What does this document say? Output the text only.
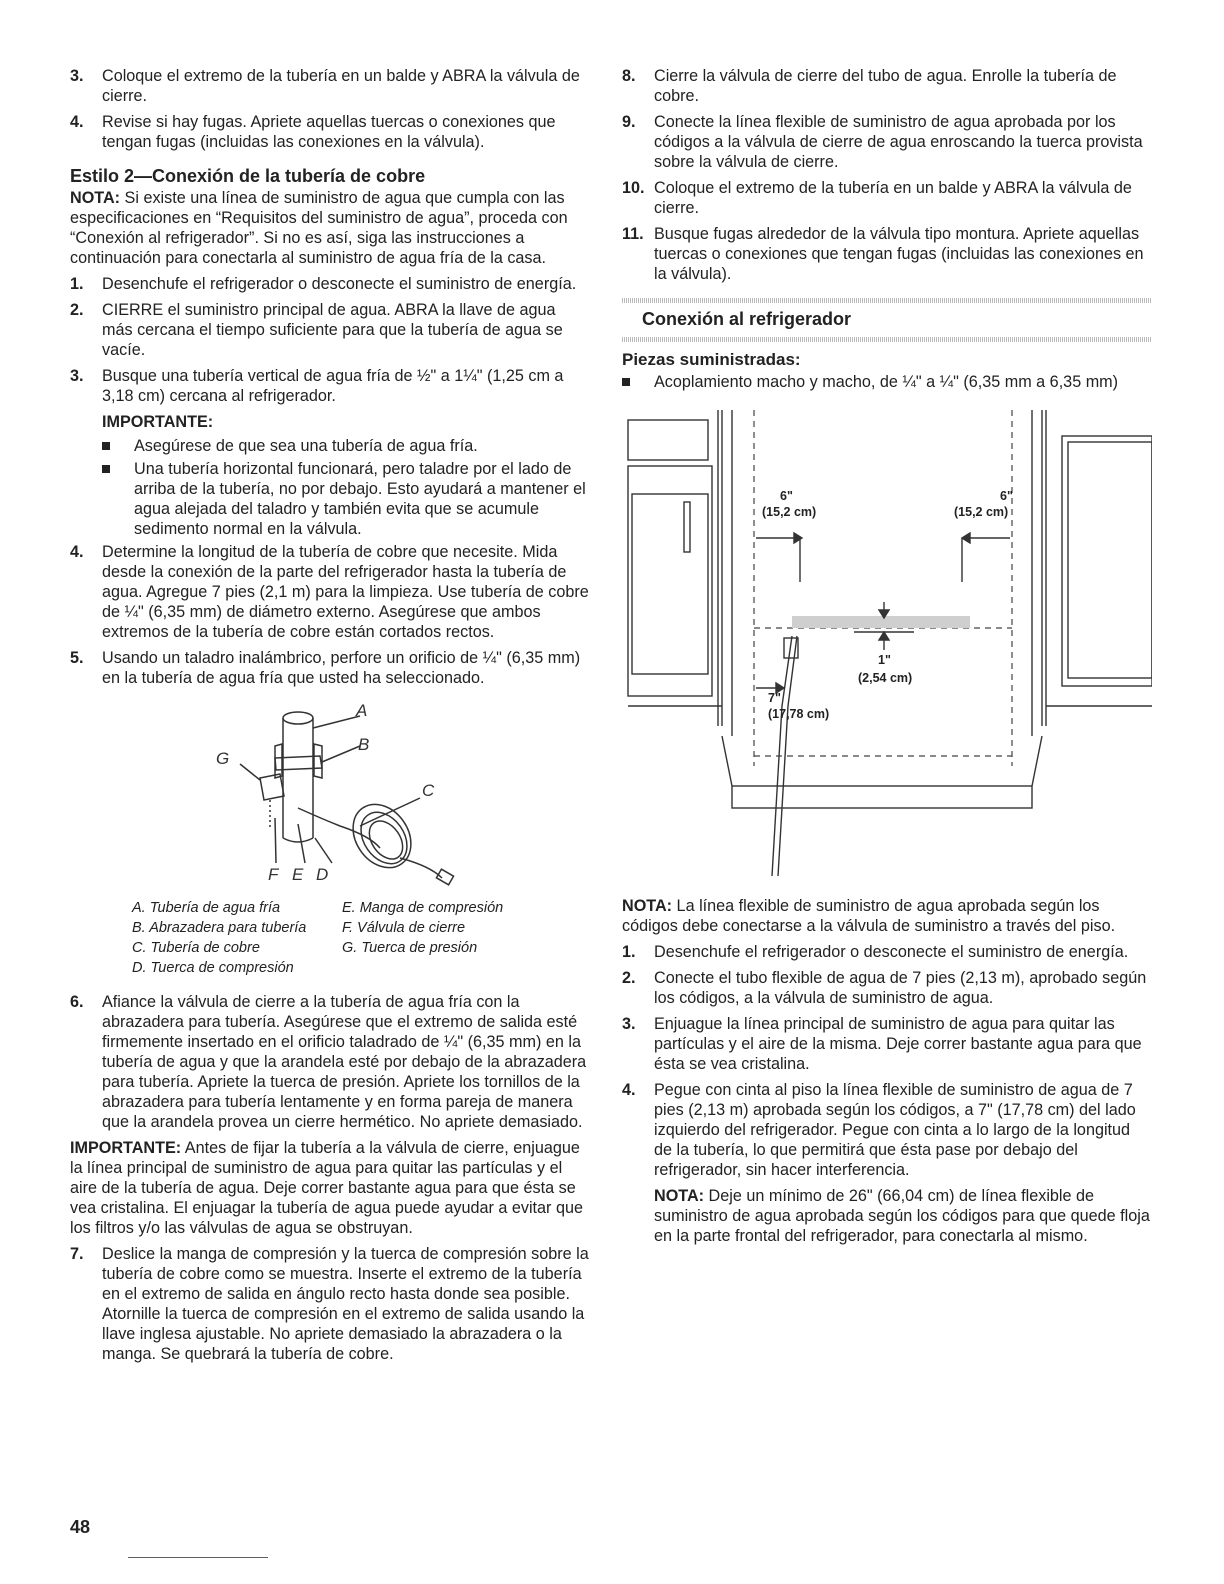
3. Coloque el extremo de la tubería en un balde y ABRA la válvula de cierre.

4. Revise si hay fugas. Apriete aquellas tuercas o conexiones que tengan fugas (incluidas las conexiones en la válvula).

Estilo 2—Conexión de la tubería de cobre

NOTA: Si existe una línea de suministro de agua que cumpla con las especificaciones en “Requisitos del suministro de agua”, proceda con “Conexión al refrigerador”. Si no es así, siga las instrucciones a continuación para conectarla al suministro de agua fría de la casa.

1. Desenchufe el refrigerador o desconecte el suministro de energía.

2. CIERRE el suministro principal de agua. ABRA la llave de agua más cercana el tiempo suficiente para que la tubería de agua se vacíe.

3. Busque una tubería vertical de agua fría de ½" a 1¼" (1,25 cm a 3,18 cm) cercana al refrigerador.

IMPORTANTE:

Asegúrese de que sea una tubería de agua fría.

Una tubería horizontal funcionará, pero taladre por el lado de arriba de la tubería, no por debajo. Esto ayudará a mantener el agua alejada del taladro y también evita que se acumule sedimento normal en la válvula.

4. Determine la longitud de la tubería de cobre que necesite. Mida desde la conexión de la parte del refrigerador hasta la tubería de agua. Agregue 7 pies (2,1 m) para la limpieza. Use tubería de cobre de ¼" (6,35 mm) de diámetro externo. Asegúrese que ambos extremos de la tubería de cobre están cortados rectos.

5. Usando un taladro inalámbrico, perfore un orificio de ¼" (6,35 mm) en la tubería de agua fría que usted ha seleccionado.

A
B
C
D
E
F
G
A. Tubería de agua fría	E. Manga de compresión
B. Abrazadera para tubería	F. Válvula de cierre
C. Tubería de cobre	G. Tuerca de presión
D. Tuerca de compresión
6. Afiance la válvula de cierre a la tubería de agua fría con la abrazadera para tubería. Asegúrese que el extremo de salida esté firmemente insertado en el orificio taladrado de ¼" (6,35 mm) en la tubería de agua y que la arandela esté por debajo de la abrazadera para tubería. Apriete la tuerca de presión. Apriete los tornillos de la abrazadera para tubería lentamente y en forma pareja de manera que la arandela provea un cierre hermético. No apriete demasiado.

IMPORTANTE: Antes de fijar la tubería a la válvula de cierre, enjuague la línea principal de suministro de agua para quitar las partículas y el aire de la tubería de agua. Deje correr bastante agua para que ésta se vea cristalina. El enjuagar la tubería de agua puede ayudar a evitar que los filtros y/o las válvulas de agua se obstruyan.

7. Deslice la manga de compresión y la tuerca de compresión sobre la tubería de cobre como se muestra. Inserte el extremo de la tubería en el extremo de salida en ángulo recto hasta donde sea posible. Atornille la tuerca de compresión en el extremo de salida usando la llave inglesa ajustable. No apriete demasiado la abrazadera o la manga. Se quebrará la tubería de cobre.

8. Cierre la válvula de cierre del tubo de agua. Enrolle la tubería de cobre.

9. Conecte la línea flexible de suministro de agua aprobada por los códigos a la válvula de cierre de agua enroscando la tuerca provista sobre la válvula de cierre.

10. Coloque el extremo de la tubería en un balde y ABRA la válvula de cierre.

11. Busque fugas alrededor de la válvula tipo montura. Apriete aquellas tuercas o conexiones que tengan fugas (incluidas las conexiones en la válvula).

Conexión al refrigerador
Piezas suministradas:

Acoplamiento macho y macho, de ¼" a ¼" (6,35 mm a 6,35 mm)

6"
(15,2 cm)
6"
(15,2 cm)
1"
(2,54 cm)
7"
(17,78 cm)

NOTA: La línea flexible de suministro de agua aprobada según los códigos debe conectarse a la válvula de suministro a través del piso.

1. Desenchufe el refrigerador o desconecte el suministro de energía.

2. Conecte el tubo flexible de agua de 7 pies (2,13 m), aprobado según los códigos, a la válvula de suministro de agua.

3. Enjuague la línea principal de suministro de agua para quitar las partículas y el aire de la misma. Deje correr bastante agua para que ésta se vea cristalina.

4. Pegue con cinta al piso la línea flexible de suministro de agua de 7 pies (2,13 m) aprobada según los códigos, a 7" (17,78 cm) del lado izquierdo del refrigerador. Pegue con cinta a lo largo de la longitud de la tubería, lo que permitirá que ésta pase por debajo del refrigerador, sin hacer interferencia.

NOTA: Deje un mínimo de 26" (66,04 cm) de línea flexible de suministro de agua aprobada según los códigos para que quede floja en la parte frontal del refrigerador, para conectarla al mismo.

48
